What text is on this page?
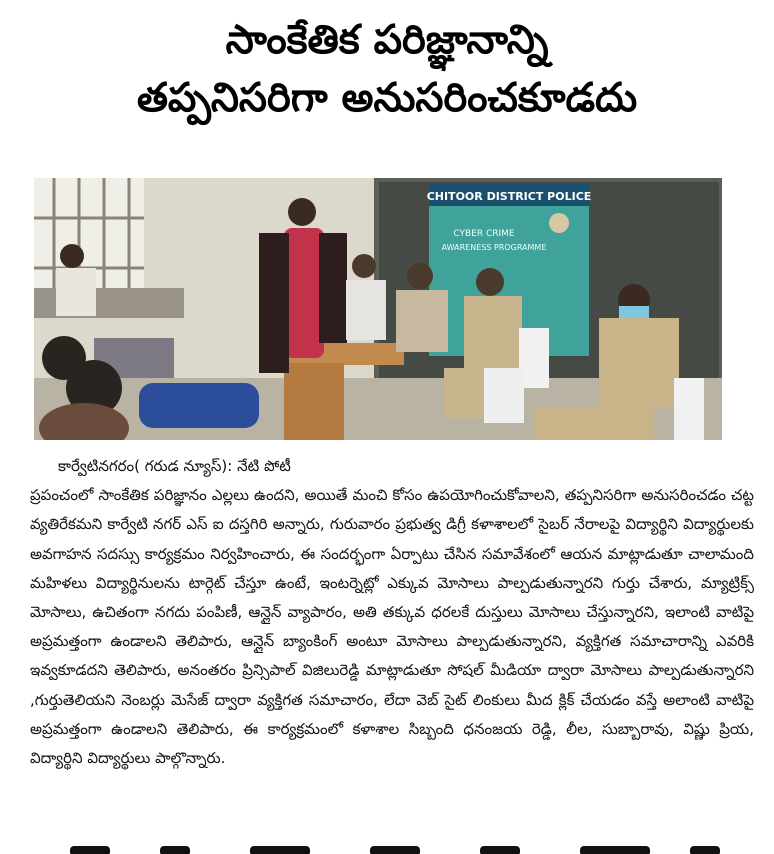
సాంకేతిక పరిజ్ఞానాన్ని
తప్పనిసరిగా అనుసరించకూడదు
CHITOOR DISTRICT POLICE
CYBER CRIME
AWARENESS PROGRAMME
కార్వేటినగరం( గరుడ న్యూస్): నేటి పోటీ
ప్రపంచంలో సాంకేతిక పరిజ్ఞానం ఎల్లలు ఉందని, అయితే మంచి కోసం ఉపయోగించుకోవాలని, తప్పనిసరిగా అనుసరించడం చట్ట వ్యతిరేకమని కార్వేటి నగర్ ఎస్ ఐ దస్తగిరి అన్నారు, గురువారం ప్రభుత్వ డిగ్రీ కళాశాలలో సైబర్ నేరాలపై విద్యార్థిని విద్యార్థులకు అవగాహన సదస్సు కార్యక్రమం నిర్వహించారు, ఈ సందర్భంగా ఏర్పాటు చేసిన సమావేశంలో ఆయన మాట్లాడుతూ చాలామంది మహిళలు విద్యార్థినులను టార్గెట్ చేస్తూ ఉంటే, ఇంటర్నెట్లో ఎక్కువ మోసాలు పాల్పడుతున్నారని గుర్తు చేశారు, మ్యాట్రిక్స్ మోసాలు, ఉచితంగా నగదు పంపిణీ, ఆన్లైన్ వ్యాపారం, అతి తక్కువ ధరలకే దుస్తులు మోసాలు చేస్తున్నారని, ఇలాంటి వాటిపై అప్రమత్తంగా ఉండాలని తెలిపారు, ఆన్లైన్ బ్యాంకింగ్ అంటూ మోసాలు పాల్పడుతున్నారని, వ్యక్తిగత సమాచారాన్ని ఎవరికి ఇవ్వకూడదని తెలిపారు, అనంతరం ప్రిన్సిపాల్ విజిలురెడ్డి మాట్లాడుతూ సోషల్ మీడియా ద్వారా మోసాలు పాల్పడుతున్నారని ,గుర్తుతెలియని నెంబర్లు మెసేజ్ ద్వారా వ్యక్తిగత సమాచారం, లేదా వెబ్ సైట్ లింకులు మీద క్లిక్ చేయడం వస్తే అలాంటి వాటిపై అప్రమత్తంగా ఉండాలని తెలిపారు, ఈ కార్యక్రమంలో కళాశాల సిబ్బంది ధనంజయ రెడ్డి, లీల, సుబ్బారావు, విష్ణు ప్రియ, విద్యార్థిని విద్యార్థులు పాల్గొన్నారు.
